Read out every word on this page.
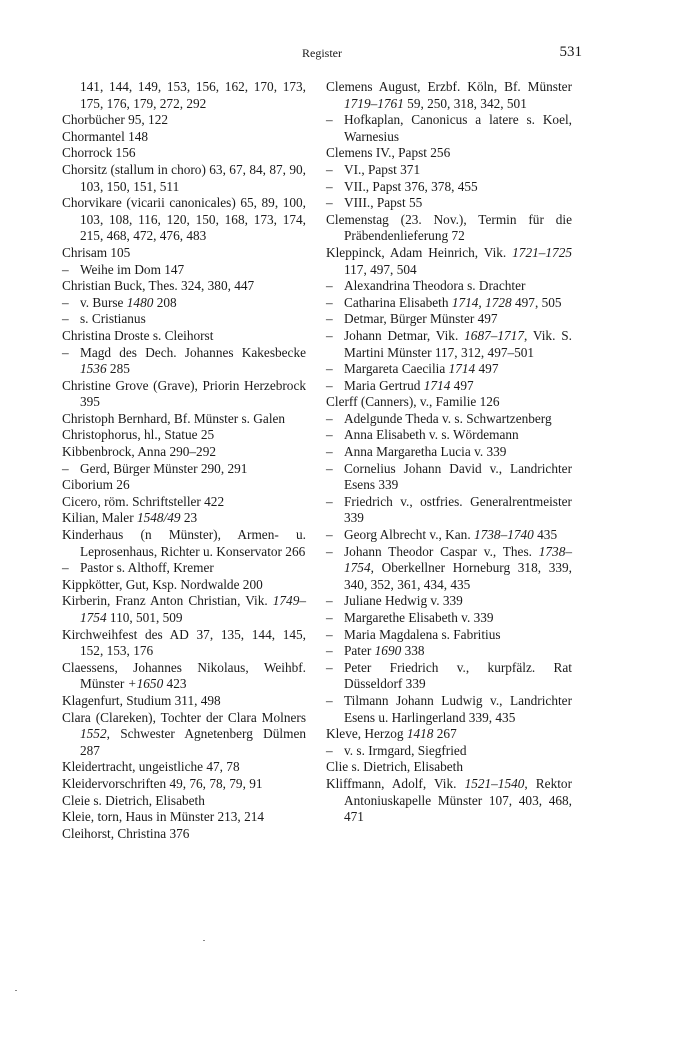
Register	531

141, 144, 149, 153, 156, 162, 170, 173, 175, 176, 179, 272, 292

Chorbücher 95, 122

Chormantel 148

Chorrock 156

Chorsitz (stallum in choro) 63, 67, 84, 87, 90, 103, 150, 151, 511

Chorvikare (vicarii canonicales) 65, 89, 100, 103, 108, 116, 120, 150, 168, 173, 174, 215, 468, 472, 476, 483

Chrisam 105

– Weihe im Dom 147

Christian Buck, Thes. 324, 380, 447

– v. Burse 1480 208

– s. Cristianus

Christina Droste s. Cleihorst

– Magd des Dech. Johannes Kakesbecke 1536 285

Christine Grove (Grave), Priorin Herzebrock 395

Christoph Bernhard, Bf. Münster s. Galen

Christophorus, hl., Statue 25

Kibbenbrock, Anna 290–292

– Gerd, Bürger Münster 290, 291

Ciborium 26

Cicero, röm. Schriftsteller 422

Kilian, Maler 1548/49 23

Kinderhaus (n Münster), Armen- u. Leprosenhaus, Richter u. Konservator 266

– Pastor s. Althoff, Kremer

Kippkötter, Gut, Ksp. Nordwalde 200

Kirberin, Franz Anton Christian, Vik. 1749–1754 110, 501, 509

Kirchweihfest des AD 37, 135, 144, 145, 152, 153, 176

Claessens, Johannes Nikolaus, Weihbf. Münster +1650 423

Klagenfurt, Studium 311, 498

Clara (Clareken), Tochter der Clara Molners 1552, Schwester Agnetenberg Dülmen 287

Kleidertracht, ungeistliche 47, 78

Kleidervorschriften 49, 76, 78, 79, 91

Cleie s. Dietrich, Elisabeth

Kleie, torn, Haus in Münster 213, 214

Cleihorst, Christina 376

Clemens August, Erzbf. Köln, Bf. Münster 1719–1761 59, 250, 318, 342, 501

– Hofkaplan, Canonicus a latere s. Koel, Warnesius

Clemens IV., Papst 256

– VI., Papst 371

– VII., Papst 376, 378, 455

– VIII., Papst 55

Clemenstag (23. Nov.), Termin für die Präbendenlieferung 72

Kleppinck, Adam Heinrich, Vik. 1721–1725 117, 497, 504

– Alexandrina Theodora s. Drachter

– Catharina Elisabeth 1714, 1728 497, 505

– Detmar, Bürger Münster 497

– Johann Detmar, Vik. 1687–1717, Vik. S. Martini Münster 117, 312, 497–501

– Margareta Caecilia 1714 497

– Maria Gertrud 1714 497

Clerff (Canners), v., Familie 126

– Adelgunde Theda v. s. Schwartzenberg

– Anna Elisabeth v. s. Wördemann

– Anna Margaretha Lucia v. 339

– Cornelius Johann David v., Landrichter Esens 339

– Friedrich v., ostfries. Generalrentmeister 339

– Georg Albrecht v., Kan. 1738–1740 435

– Johann Theodor Caspar v., Thes. 1738–1754, Oberkellner Horneburg 318, 339, 340, 352, 361, 434, 435

– Juliane Hedwig v. 339

– Margarethe Elisabeth v. 339

– Maria Magdalena s. Fabritius

– Pater 1690 338

– Peter Friedrich v., kurpfälz. Rat Düsseldorf 339

– Tilmann Johann Ludwig v., Landrichter Esens u. Harlingerland 339, 435

Kleve, Herzog 1418 267

– v. s. Irmgard, Siegfried

Clie s. Dietrich, Elisabeth

Kliffmann, Adolf, Vik. 1521–1540, Rektor Antoniuskapelle Münster 107, 403, 468, 471
